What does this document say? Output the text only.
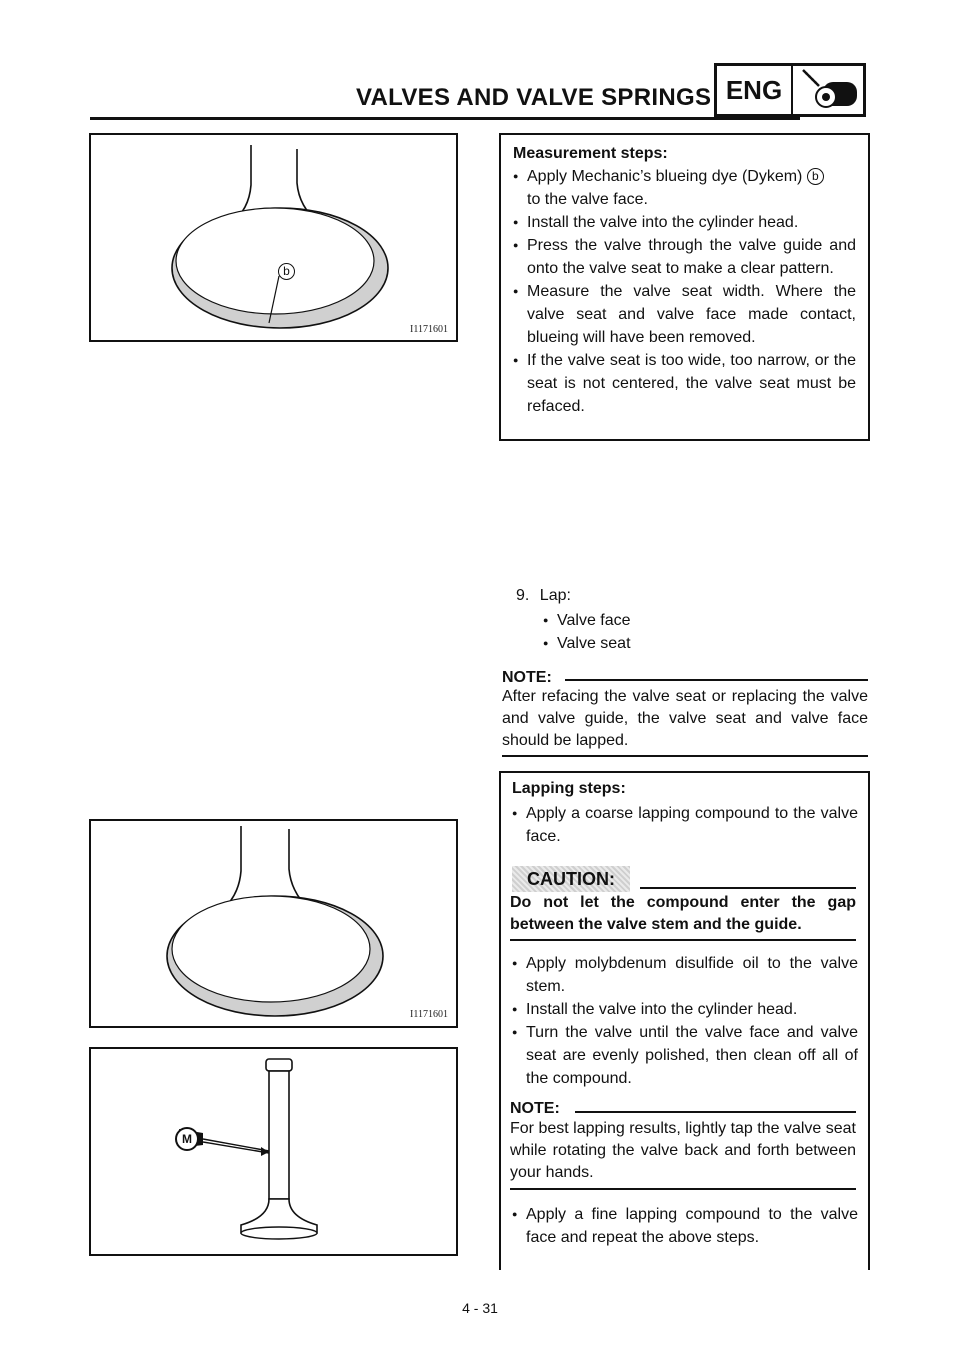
VALVES AND VALVE SPRINGS ENG
b
I1171601
Measurement steps:
● Apply Mechanic’s blueing dye (Dykem) b
to the valve face.
● Install the valve into the cylinder head.
● Press the valve through the valve guide and onto the valve seat to make a clear pattern.
● Measure the valve seat width. Where the valve seat and valve face made contact, blueing will have been removed.
● If the valve seat is too wide, too narrow, or the seat is not centered, the valve seat must be refaced.
9. Lap:
● Valve face
● Valve seat
NOTE:
After refacing the valve seat or replacing the valve and valve guide, the valve seat and valve face should be lapped.
Lapping steps:
● Apply a coarse lapping compound to the valve face.
CAUTION:
Do not let the compound enter the gap between the valve stem and the guide.
● Apply molybdenum disulfide oil to the valve stem.
● Install the valve into the cylinder head.
● Turn the valve until the valve face and valve seat are evenly polished, then clean off all of the compound.
NOTE:
For best lapping results, lightly tap the valve seat while rotating the valve back and forth between your hands.
● Apply a fine lapping compound to the valve face and repeat the above steps.
I1171601
M
4 - 31
